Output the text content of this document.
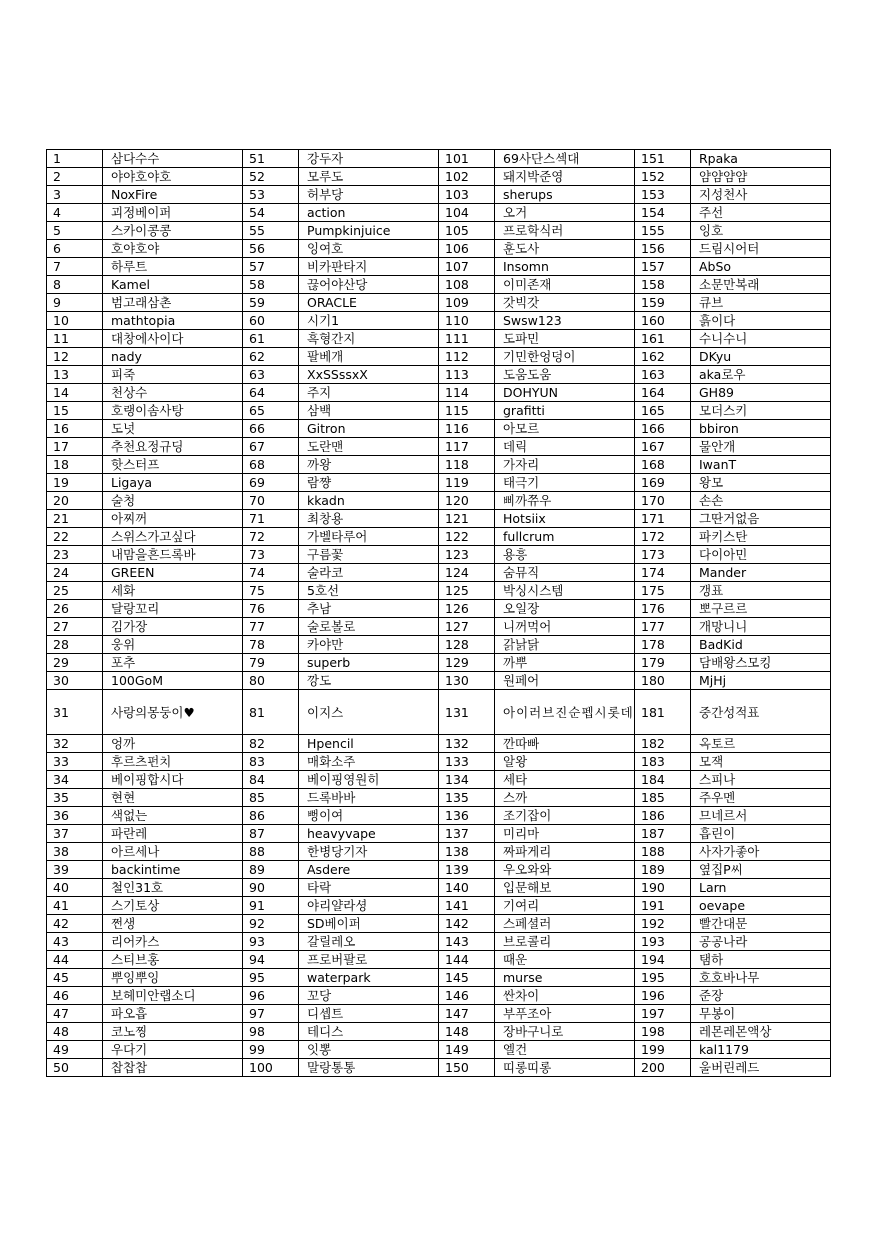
1	삼다수수	51	강두자	101	69사단스섹대	151	Rpaka
2	야야호야호	52	모루도	102	돼지박준영	152	얌얌얌얌
3	NoxFire	53	허부당	103	sherups	153	지성천사
4	괴정베이퍼	54	action	104	오거	154	주선
5	스카이콩콩	55	Pumpkinjuice	105	프로학식러	155	잉호
6	호야호야	56	잉여호	106	훈도사	156	드림시어터
7	하루트	57	비카판타지	107	Insomn	157	AbSo
8	Kamel	58	끊어야산당	108	이미존재	158	소문만복래
9	범고래삼촌	59	ORACLE	109	갓빅갓	159	큐브
10	mathtopia	60	시기1	110	Swsw123	160	흙이다
11	대창에사이다	61	흑형간지	111	도파민	161	수니수니
12	nady	62	팔베개	112	기민한엉덩이	162	DKyu
13	피죽	63	XxSSssxX	113	도움도움	163	aka로우
14	천상수	64	주지	114	DOHYUN	164	GH89
15	호랭이솜사탕	65	삼백	115	grafitti	165	모더스키
16	도넛	66	Gitron	116	아모르	166	bbiron
17	추천요정규딩	67	도란맨	117	데릭	167	물안개
18	핫스터프	68	까왕	118	가자리	168	IwanT
19	Ligaya	69	람쨩	119	태극기	169	왕모
20	술청	70	kkadn	120	삐까쮸우	170	손손
21	아찌꺼	71	최창용	121	Hotsiix	171	그딴거없음
22	스위스가고싶다	72	가벨타루어	122	fullcrum	172	파키스탄
23	내맘을흔드록바	73	구름꽃	123	용흥	173	다이아민
24	GREEN	74	술라코	124	숨뮤직	174	Mander
25	세화	75	5호선	125	박싱시스템	175	갱표
26	달랑꼬리	76	추남	126	오일장	176	뽀구르르
27	김가장	77	술로볼로	127	니꺼먹어	177	개망니니
28	웅위	78	카야만	128	갉낡닭	178	BadKid
29	포추	79	superb	129	까뿌	179	담배왕스모킹
30	100GoM	80	깡도	130	원페어	180	MjHj
31	사랑의몽둥이♥	81	이지스	131	아이러브진순펩시롯데	181	중간성적표
32	엉까	82	Hpencil	132	깐따빠	182	옥토르
33	후르츠펀치	83	매화소주	133	알왕	183	모잭
34	베이핑합시다	84	베이핑영원히	134	세타	184	스피나
35	현현	85	드록바바	135	스까	185	주우멘
36	색없는	86	뻥이여	136	조기잡이	186	므네르서
37	파란레	87	heavyvape	137	미리마	187	흡린이
38	아르세나	88	한병당기자	138	짜파게리	188	사자가좋아
39	backintime	89	Asdere	139	우오와와	189	옆집P씨
40	철인31호	90	타락	140	입문해보	190	Larn
41	스기토상	91	야리얄라셩	141	기여리	191	oevape
42	쩐생	92	SD베이퍼	142	스페셜러	192	빨간대문
43	리어카스	93	갈릴레오	143	브로콜리	193	공공나라
44	스티브홍	94	프로버팔로	144	때운	194	탬하
45	뿌잉뿌잉	95	waterpark	145	murse	195	호호바나무
46	보헤미안랩소디	96	꼬당	146	싼차이	196	준장
47	파오흡	97	디셉트	147	부푸조아	197	무봉이
48	코노찡	98	테디스	148	장바구니로	198	레몬레몬액상
49	우다기	99	잇뽕	149	엘건	199	kal1179
50	찹찹찹	100	말랑통통	150	띠롱띠롱	200	울버린레드
